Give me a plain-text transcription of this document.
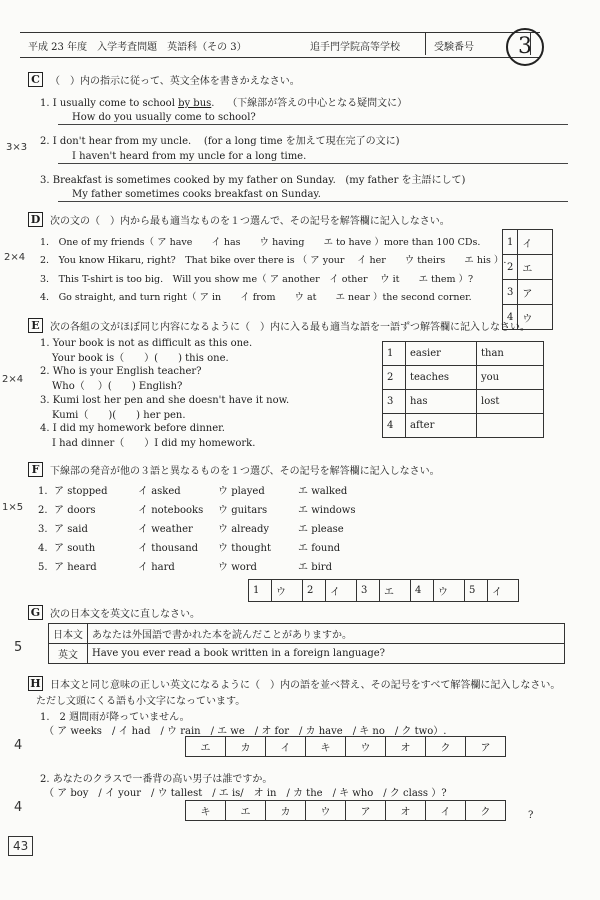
平成 23 年度　入学考査問題　英語科（その 3）	追手門学院高等学校	受験番号	3
C	（　）内の指示に従って、英文全体を書きかえなさい。
1. I usually come to school by bus. （下線部が答えの中心となる疑問文に）
How do you usually come to school?
3×3
2. I don't hear from my uncle. (for a long time を加えて現在完了の文に)
I haven't heard from my uncle for a long time.
3. Breakfast is sometimes cooked by my father on Sunday. (my father を主語にして)
My father sometimes cooks breakfast on Sunday.
D 次の文の（　）内から最も適当なものを１つ選んで、その記号を解答欄に記入しなさい。
2×4
1.　One of my friends（ ア have　　イ has　　ウ having　　エ to have ）more than 100 CDs.
2.　You know Hikaru, right?　That bike over there is （ ア your　 イ her　　ウ theirs　　エ his ）.
3.　This T-shirt is too big.　Will you show me（ ア another　イ other　 ウ it　　エ them ）?
4.　Go straight, and turn right（ ア in　　イ from　　ウ at　　エ near ）the second corner.
1	イ
2	エ
3	ア
4	ウ
E	次の各組の文がほぼ同じ内容になるように（　）内に入る最も適当な語を一語ずつ解答欄に記入しなさい。
2×4
1. Your book is not as difficult as this one.
Your book is（　　）(　　) this one.
2. Who is your English teacher?
Who（　 ）(　　) English?
3. Kumi lost her pen and she doesn't have it now.
Kumi（　　)(　　) her pen.
4. I did my homework before dinner.
I had dinner（　　）I did my homework.
1	easier	than
2	teaches	you
3	has	lost
4	after	
F	下線部の発音が他の３語と異なるものを１つ選び、その記号を解答欄に記入しなさい。
1×5
1. ア stopped	イ asked	ウ played	エ walked
2. ア doors	イ notebooks ウ guitars	エ windows
3. ア said	イ weather	ウ already	エ please
4. ア south	イ thousand ウ thought	エ found
5. ア heard	イ hard	ウ word	エ bird
1	ウ	2	イ	3	エ	4	ウ	5	イ
G 次の日本文を英文に直しなさい。
5
日本文	あなたは外国語で書かれた本を読んだことがありますか。
英文	Have you ever read a book written in a foreign language?
H 日本文と同じ意味の正しい英文になるように（　）内の語を並べ替え、その記号をすべて解答欄に記入しなさい。
ただし文頭にくる語も小文字になっています。
1.　2 週間雨が降っていません。
（ ア weeks　/ イ had　/ ウ rain　/ エ we　/ オ for　/ カ have　/ キ no　/ ク two）.
4	エ	カ	イ	キ	ウ	オ	ク	ア
2. あなたのクラスで一番背の高い男子は誰ですか。
（ ア boy　/ イ your　/ ウ tallest　/ エ is/　オ in　/ カ the　/ キ who　/ ク class ）?
4	キ	エ	カ	ウ	ア	オ	イ	ク	?
43
